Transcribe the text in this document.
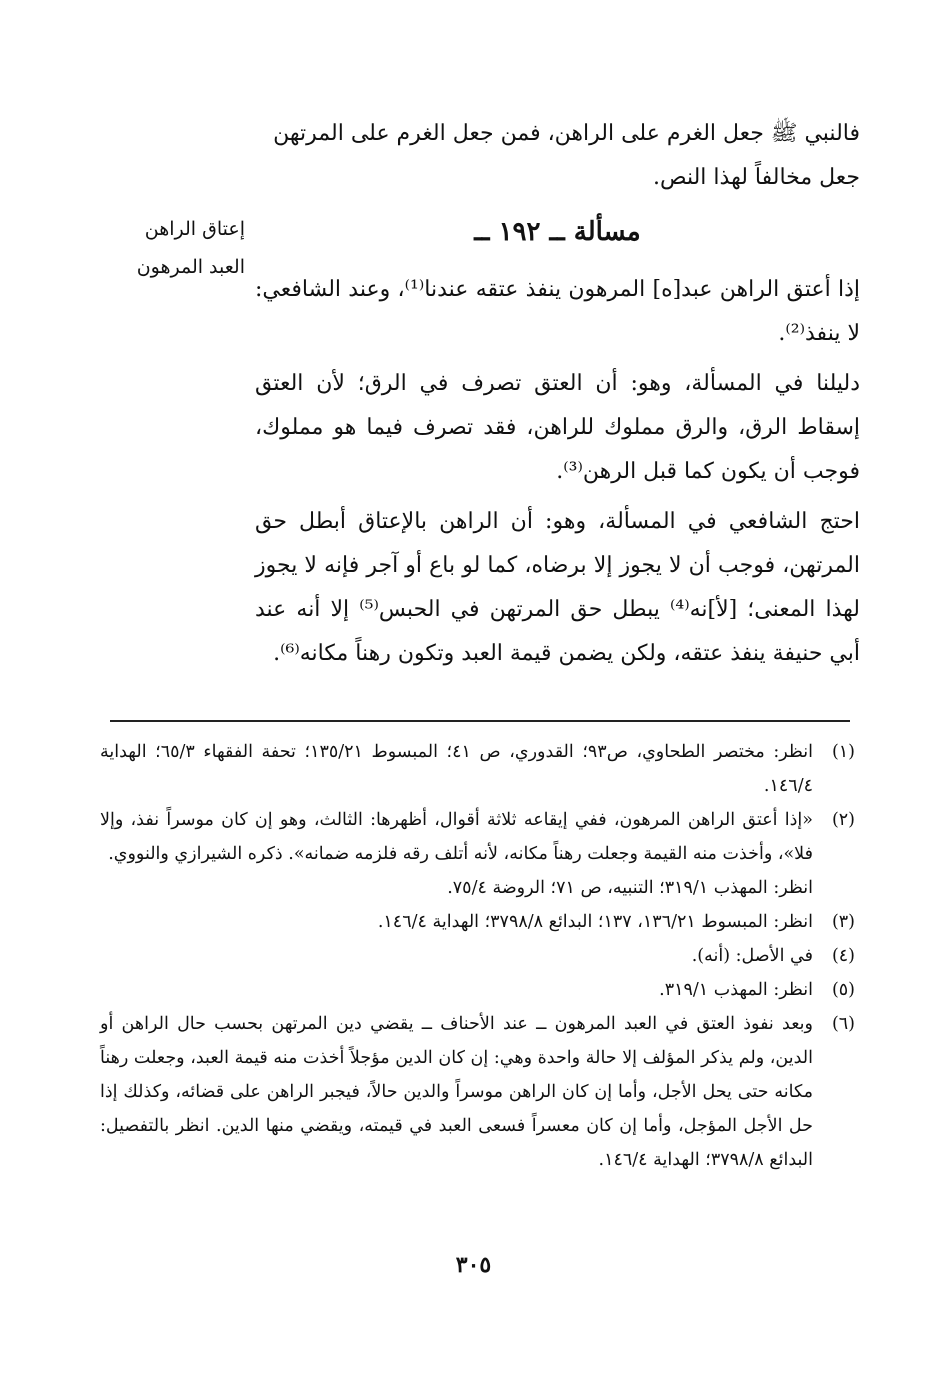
فالنبي ﷺ جعل الغرم على الراهن، فمن جعل الغرم على المرتهن
جعل مخالفاً لهذا النص.
إعتاق الراهن
العبد المرهون
مسألة ــ ١٩٢ ــ

إذا أعتق الراهن عبد[ه] المرهون ينفذ عتقه عندنا⁽¹⁾، وعند الشافعي: لا ينفذ⁽²⁾.

دليلنا في المسألة، وهو: أن العتق تصرف في الرق؛ لأن العتق إسقاط الرق، والرق مملوك للراهن، فقد تصرف فيما هو مملوك، فوجب أن يكون كما قبل الرهن⁽³⁾.

احتج الشافعي في المسألة، وهو: أن الراهن بالإعتاق أبطل حق المرتهن، فوجب أن لا يجوز إلا برضاه، كما لو باع أو آجر فإنه لا يجوز لهذا المعنى؛ [لأ]نه⁽⁴⁾ يبطل حق المرتهن في الحبس⁽⁵⁾ إلا أنه عند أبي حنيفة ينفذ عتقه، ولكن يضمن قيمة العبد وتكون رهناً مكانه⁽⁶⁾.

(١)
انظر: مختصر الطحاوي، ص٩٣؛ القدوري، ص ٤١؛ المبسوط ١٣٥/٢١؛ تحفة الفقهاء ٦٥/٣؛ الهداية ١٤٦/٤.
(٢)
«إذا أعتق الراهن المرهون، ففي إيقاعه ثلاثة أقوال، أظهرها: الثالث، وهو إن كان موسراً نفذ، وإلا فلا»، وأخذت منه القيمة وجعلت رهناً مكانه، لأنه أتلف رقه فلزمه ضمانه». ذكره الشيرازي والنووي.
انظر: المهذب ٣١٩/١؛ التنبيه، ص ٧١؛ الروضة ٧٥/٤.
(٣)
انظر: المبسوط ١٣٦/٢١، ١٣٧؛ البدائع ٣٧٩٨/٨؛ الهداية ١٤٦/٤.
(٤)
في الأصل: (أنه).
(٥)
انظر: المهذب ٣١٩/١.
(٦)
وبعد نفوذ العتق في العبد المرهون ــ عند الأحناف ــ يقضي دين المرتهن بحسب حال الراهن أو الدين، ولم يذكر المؤلف إلا حالة واحدة وهي: إن كان الدين مؤجلاً أخذت منه قيمة العبد، وجعلت رهناً مكانه حتى يحل الأجل، وأما إن كان الراهن موسراً والدين حالاً، فيجبر الراهن على قضائه، وكذلك إذا حل الأجل المؤجل، وأما إن كان معسراً فسعى العبد في قيمته، ويقضي منها الدين. انظر بالتفصيل: البدائع ٣٧٩٨/٨؛ الهداية ١٤٦/٤.
٣٠٥
